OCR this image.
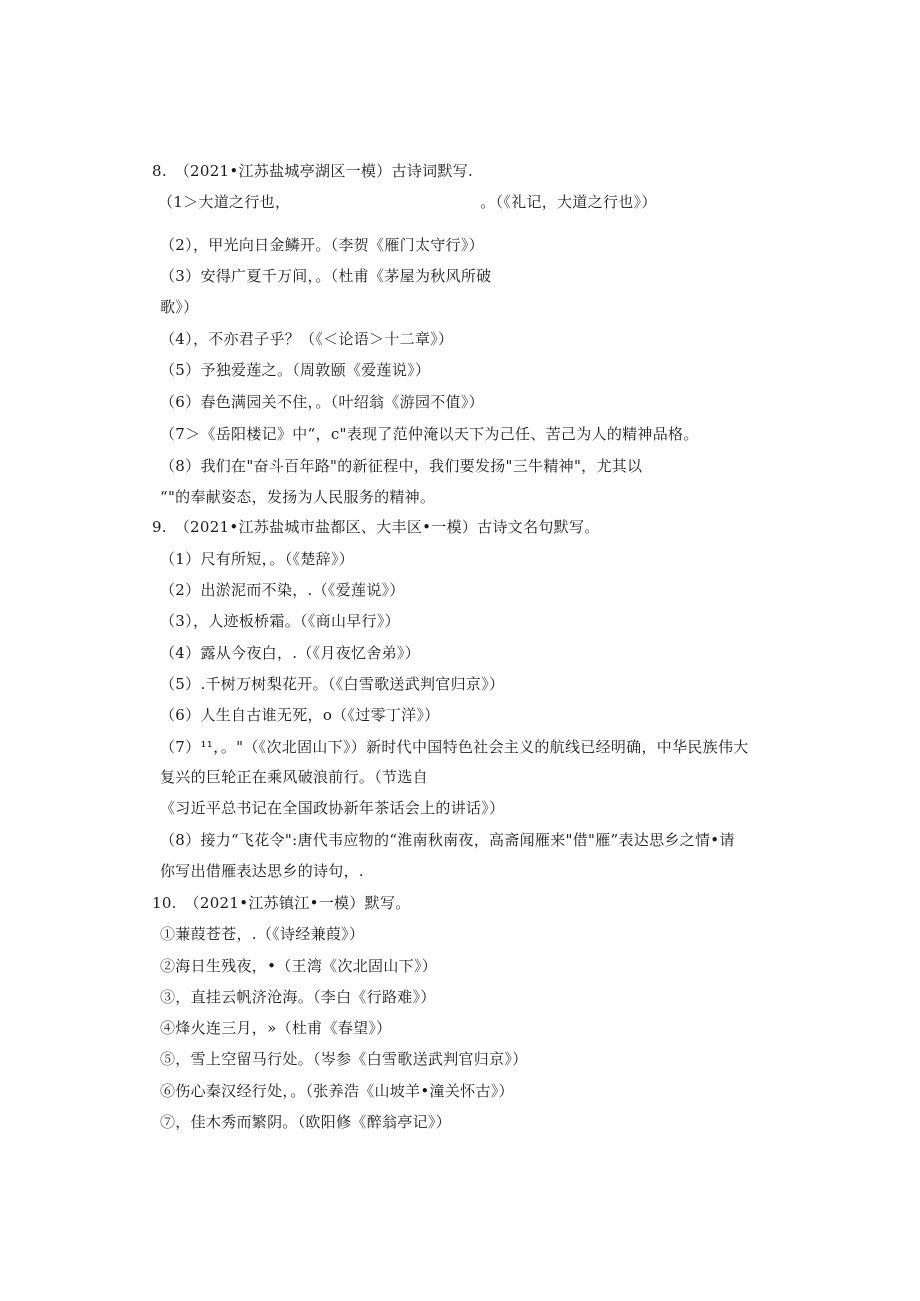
8.　（2021•江苏盐城亭湖区一模）古诗词默写.
（1＞大道之行也，	。（《礼记，大道之行也》）
（2），甲光向日金鳞开。（李贺《雁门太守行》）
（3）安得广夏千万间，。（杜甫《茅屋为秋风所破
歌》）
（4），不亦君子乎？（《＜论语＞十二章》）
（5）予独爱莲之。（周敦颐《爱莲说》）
（6）春色满园关不住，。（叶绍翁《游园不值》）
（7＞《岳阳楼记》中“，c"表现了范仲淹以天下为己任、苦己为人的精神品格。
（8）我们在"奋斗百年路"的新征程中，我们要发扬"三牛精神"，尤其以
“"的奉献姿态，发扬为人民服务的精神。
9.　（2021•江苏盐城市盐都区、大丰区•一模）古诗文名句默写。
（1）尺有所短，。（《楚辞》）
（2）出淤泥而不染，.（《爱莲说》）
（3），人迹板桥霜。（《商山早行》）
（4）露从今夜白，.（《月夜忆舍弟》）
（5）.千树万树梨花开。（《白雪歌送武判官归京》）
（6）人生自古谁无死，o（《过零丁洋》）
（7）¹¹，。"（《次北固山下》）新时代中国特色社会主义的航线已经明确，中华民族伟大
复兴的巨轮正在乘风破浪前行。（节选自
《习近平总书记在全国政协新年茶话会上的讲话》）
（8）接力“飞花令":唐代韦应物的“淮南秋南夜，高斋闻雁来"借"雁”表达思乡之情•请
你写出借雁表达思乡的诗句，.
10.　（2021•江苏镇江•一模）默写。
①蒹葭苍苍，.（《诗经兼葭》）
②海日生残夜，•（王湾《次北固山下》）
③，直挂云帆济沧海。（李白《行路难》）
④烽火连三月，»（杜甫《春望》）
⑤，雪上空留马行处。（岑参《白雪歌送武判官归京》）
⑥伤心秦汉经行处，。（张养浩《山坡羊•潼关怀古》）
⑦，佳木秀而繁阴。（欧阳修《醉翁亭记》）
